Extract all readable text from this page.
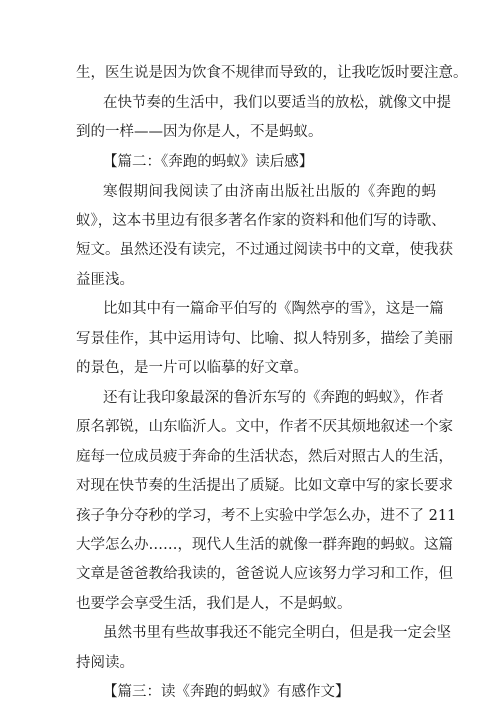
生，医生说是因为饮食不规律而导致的，让我吃饭时要注意。
在快节奏的生活中，我们以要适当的放松，就像文中提
到的一样——因为你是人，不是蚂蚁。
【篇二：《奔跑的蚂蚁》读后感】
寒假期间我阅读了由济南出版社出版的《奔跑的蚂
蚁》，这本书里边有很多著名作家的资料和他们写的诗歌、
短文。虽然还没有读完，不过通过阅读书中的文章，使我获
益匪浅。
比如其中有一篇命平伯写的《陶然亭的雪》，这是一篇
写景佳作，其中运用诗句、比喻、拟人特别多，描绘了美丽
的景色，是一片可以临摹的好文章。
还有让我印象最深的鲁沂东写的《奔跑的蚂蚁》，作者
原名郭锐，山东临沂人。文中，作者不厌其烦地叙述一个家
庭每一位成员疲于奔命的生活状态，然后对照古人的生活，
对现在快节奏的生活提出了质疑。比如文章中写的家长要求
孩子争分夺秒的学习，考不上实验中学怎么办，进不了 211
大学怎么办……，现代人生活的就像一群奔跑的蚂蚁。这篇
文章是爸爸教给我读的，爸爸说人应该努力学习和工作，但
也要学会享受生活，我们是人，不是蚂蚁。
虽然书里有些故事我还不能完全明白，但是我一定会坚
持阅读。
【篇三：读《奔跑的蚂蚁》有感作文】
